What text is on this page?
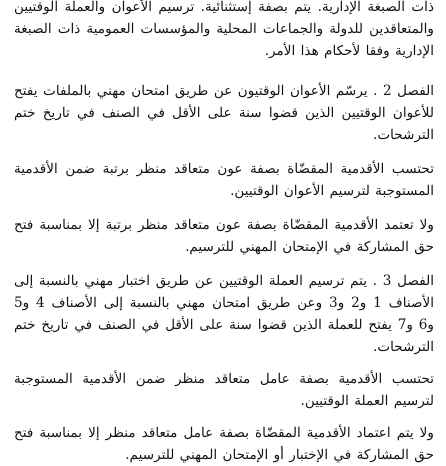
ذات الصبغة الإدارية. يتم بصفة إستثنائية. ترسيم الأعوان والعملة الوقتيين والمتعاقدين للدولة والجماعات المحلية والمؤسسات العمومية ذات الصبغة الإدارية وفقا لأحكام هذا الأمر.

الفصل 2 . يرسّم الأعوان الوقتيون عن طريق امتحان مهني بالملفات يفتح للأعوان الوقتيين الذين قضوا سنة على الأقل في الصنف في تاريخ ختم الترشحات.

تحتسب الأقدمية المقضّاة بصفة عون متعاقد منظر برتبة ضمن الأقدمية المستوجبة لترسيم الأعوان الوقتيين.

ولا تعتمد الأقدمية المقضّاة بصفة عون متعاقد منظر برتبة إلا بمناسبة فتح حق المشاركة في الإمتحان المهني للترسيم.

الفصل 3 . يتم ترسيم العملة الوقتيين عن طريق اختبار مهني بالنسبة إلى الأصناف 1 و2 و3 وعن طريق امتحان مهني بالنسبة إلى الأصناف 4 و5 و6 و7 يفتح للعملة الذين قضوا سنة على الأقل في الصنف في تاريخ ختم الترشحات.

تحتسب الأقدمية بصفة عامل متعاقد منظر ضمن الأقدمية المستوجبة لترسيم العملة الوقتيين.

ولا يتم اعتماد الأقدمية المقضّاة بصفة عامل متعاقد منظر إلا بمناسبة فتح حق المشاركة في الإختبار أو الإمتحان المهني للترسيم.
